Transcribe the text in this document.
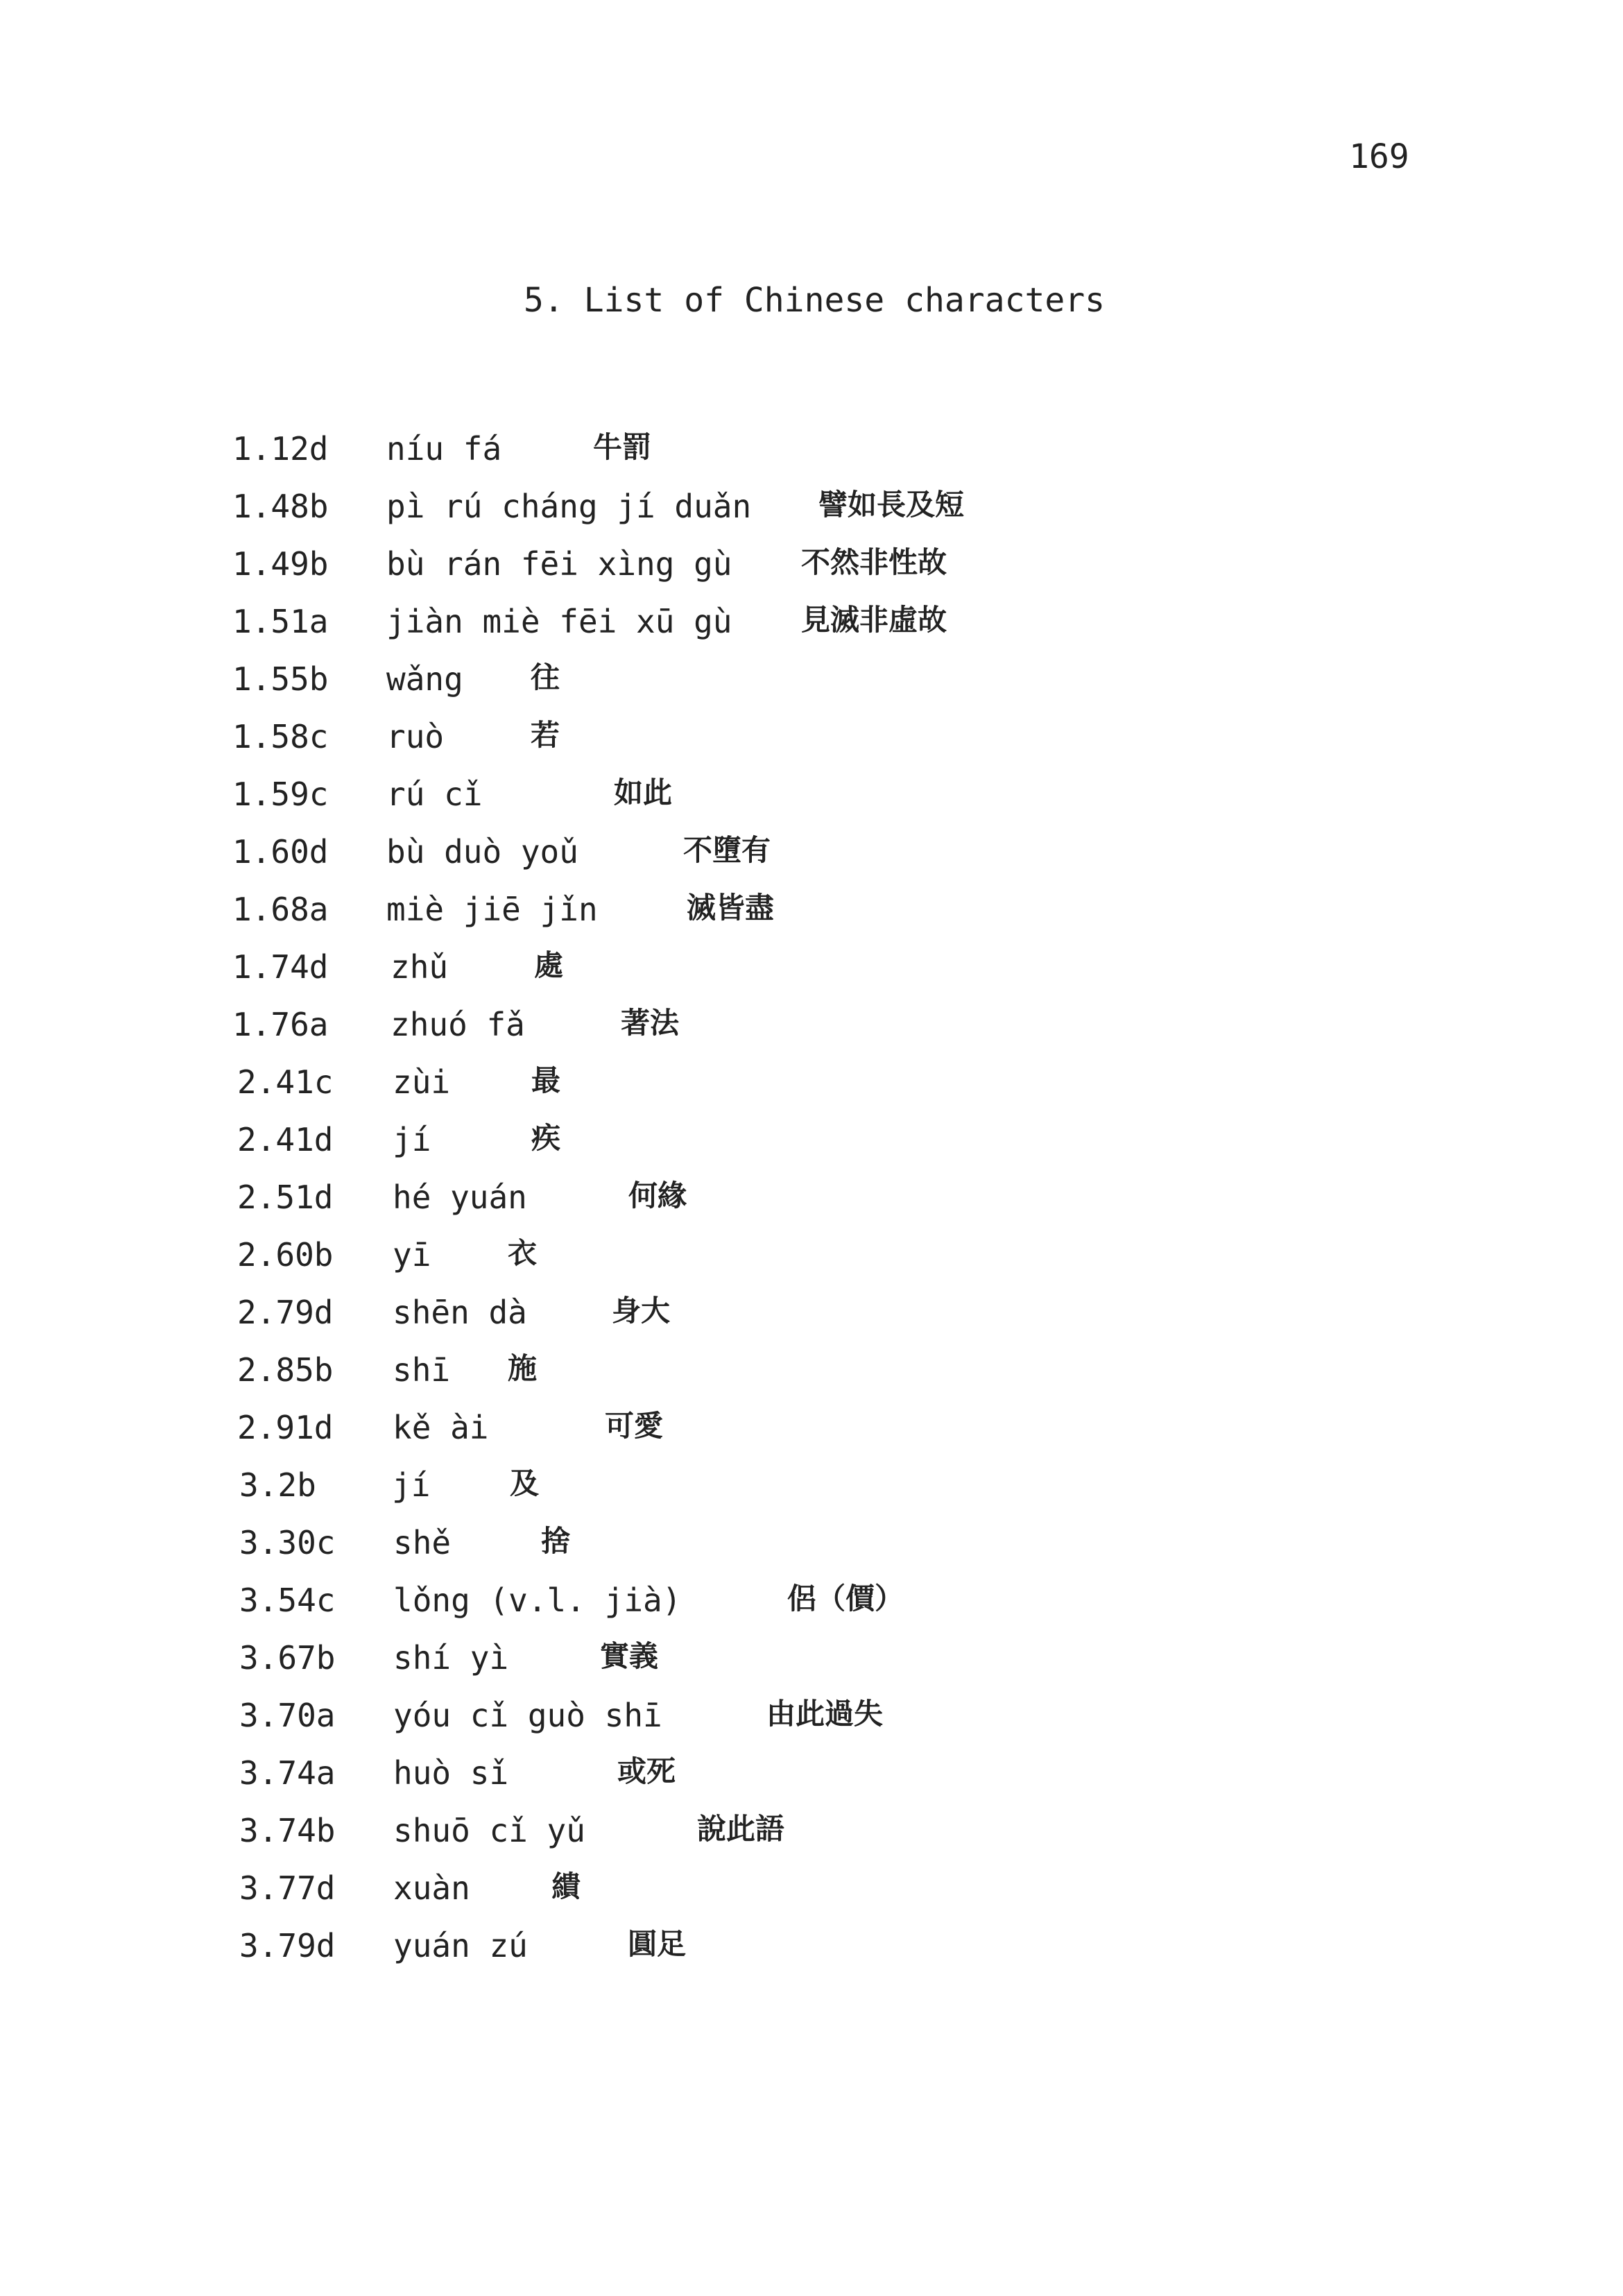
169
5. List of Chinese characters
1.12d níu fá	牛罰
1.48b pì rú cháng jí duǎn 譬如長及短
1.49b bù rán fēi xìng gù 不然非性故
1.51a jiàn miè fēi xū gù 見滅非虛故
1.55b wǎng 往
1.58c ruò	若
1.59c rú cǐ	如此
1.60d bù duò yoǔ	不墮有
1.68a miè jiē jǐn	滅皆盡
1.74d zhǔ	處
1.76a zhuó fǎ	著法
2.41c zùi	最
2.41d jí	疾
2.51d hé yuán	何緣
2.60b yī	衣
2.79d shēn dà	身大
2.85b shī 施
2.91d kě ài	可愛
3.2b jí	及
3.30c shě	捨
3.54c lǒng (v.l. jià)	侶（價）
3.67b shí yì	實義
3.70a yóu cǐ guò shī	由此過失
3.74a huò sǐ	或死
3.74b shuō cǐ yǔ	說此語
3.77d xuàn	繢
3.79d yuán zú	圓足
